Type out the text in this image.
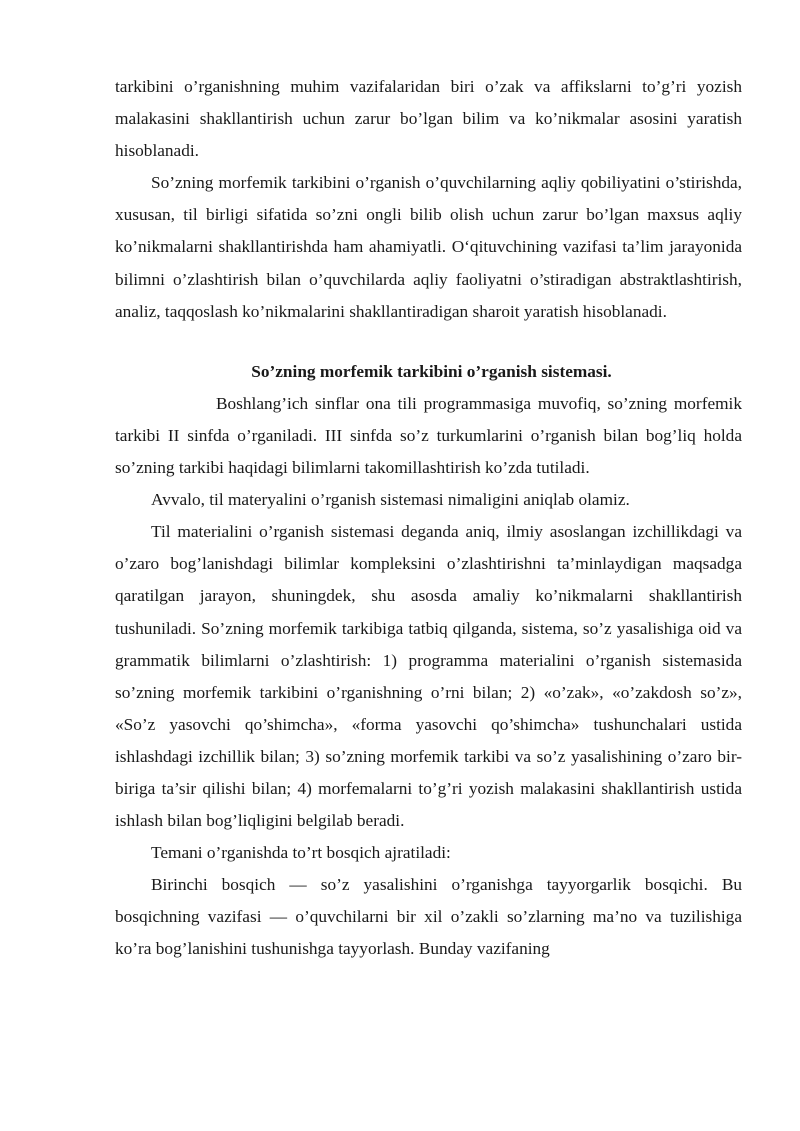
tarkibini o’rganishning muhim vazifalaridan biri o’zak va affikslarni to’g’ri yozish malakasini shakllantirish uchun zarur bo’lgan bilim va ko’nikmalar asosini yaratish hisoblanadi.

So’zning morfemik tarkibini o’rganish o’quvchilarning aqliy qobiliyatini o’stirishda, xususan, til birligi sifatida so’zni ongli bilib olish uchun zarur bo’lgan maxsus aqliy ko’nikmalarni shakllantirishda ham ahamiyatli. O‘qituvchining vazifasi ta’lim jarayonida bilimni o’zlashtirish bilan o’quvchilarda aqliy faoliyatni o’stiradigan abstraktlashtirish, analiz, taqqoslash ko’nikmalarini shakllantiradigan sharoit yaratish hisoblanadi.

So’zning morfemik tarkibini o’rganish sistemasi.

Boshlang’ich sinflar ona tili programmasiga muvofiq, so’zning morfemik tarkibi II sinfda o’rganiladi. III sinfda so’z turkumlarini o’rganish bilan bog’liq holda so’zning tarkibi haqidagi bilimlarni takomillashtirish ko’zda tutiladi.

Avvalo, til materyalini o’rganish sistemasi nimaligini aniqlab olamiz.

Til materialini o’rganish sistemasi deganda aniq, ilmiy asoslangan izchillikdagi va o’zaro bog’lanishdagi bilimlar kompleksini o’zlashtirishni ta’minlaydigan maqsadga qaratilgan jarayon, shuningdek, shu asosda amaliy ko’nikmalarni shakllantirish tushuniladi. So’zning morfemik tarkibiga tatbiq qilganda, sistema, so’z yasalishiga oid va grammatik bilimlarni o’zlashtirish: 1) programma materialini o’rganish sistemasida so’zning morfemik tarkibini o’rganishning o’rni bilan; 2) «o’zak», «o’zakdosh so’z», «So’z yasovchi qo’shimcha», «forma yasovchi qo’shimcha» tushunchalari ustida ishlashdagi izchillik bilan; 3) so’zning morfemik tarkibi va so’z yasalishining o’zaro bir-biriga ta’sir qilishi bilan; 4) morfemalarni to’g’ri yozish malakasini shakllantirish ustida ishlash bilan bog’liqligini belgilab beradi.

Temani o’rganishda to’rt bosqich ajratiladi:

Birinchi bosqich — so’z yasalishini o’rganishga tayyorgarlik bosqichi. Bu bosqichning vazifasi — o’quvchilarni bir xil o’zakli so’zlarning ma’no va tuzilishiga ko’ra bog’lanishini tushunishga tayyorlash. Bunday vazifaning
